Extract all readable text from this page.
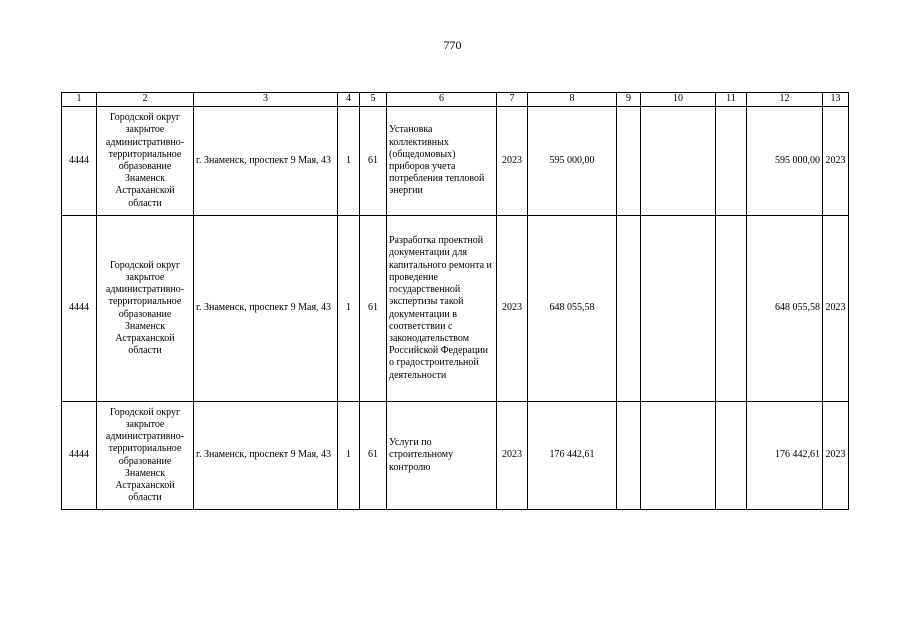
770
1	2	3	4	5	6	7	8	9	10	11	12	13
4444	Городской округ закрытое административно-территориальное образование Знаменск Астраханской области	г. Знаменск, проспект 9 Мая, 43	1	61	Установка коллективных (общедомовых) приборов учета потребления тепловой энергии	2023	595 000,00				595 000,00	2023
4444	Городской округ закрытое административно-территориальное образование Знаменск Астраханской области	г. Знаменск, проспект 9 Мая, 43	1	61	Разработка проектной документации для капитального ремонта и проведение государственной экспертизы такой документации в соответствии с законодательством Российской Федерации о градостроительной деятельности	2023	648 055,58				648 055,58	2023
4444	Городской округ закрытое административно-территориальное образование Знаменск Астраханской области	г. Знаменск, проспект 9 Мая, 43	1	61	Услуги по строительному контролю	2023	176 442,61				176 442,61	2023
